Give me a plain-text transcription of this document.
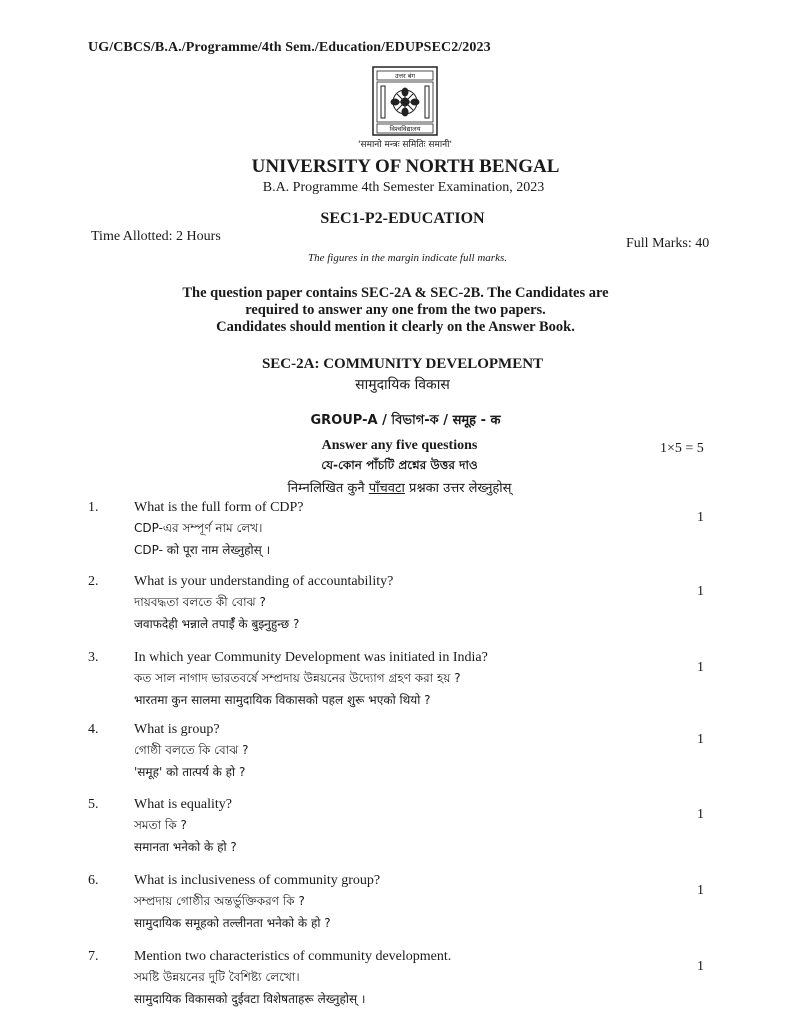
UG/CBCS/B.A./Programme/4th Sem./Education/EDUPSEC2/2023
उत्तर बंग
विश्वविद्यालय
'समानो मन्त्रः समितिः समानी'
UNIVERSITY OF NORTH BENGAL
B.A. Programme 4th Semester Examination, 2023
SEC1-P2-EDUCATION
Time Allotted: 2 Hours	Full Marks: 40
The figures in the margin indicate full marks.
The question paper contains SEC-2A & SEC-2B. The Candidates are
required to answer any one from the two papers.
Candidates should mention it clearly on the Answer Book.
SEC-2A: COMMUNITY DEVELOPMENT
सामुदायिक विकास
GROUP-A / বিভাগ-ক / समूह - क
Answer any five questions
যে-কোন পাঁচটি প্রশ্নের উত্তর দাও
निम्नलिखित कुनै पाँचवटा प्रश्नका उत्तर लेख्नुहोस्
1×5 = 5
1.	What is the full form of CDP?
CDP-এর সম্পূর্ণ নাম লেখ।
CDP- को पूरा नाम लेख्नुहोस् ।
1
2.	What is your understanding of accountability?
দায়বদ্ধতা বলতে কী বোঝ ?
जवाफदेही भन्नाले तपाईँ के बुझ्नुहुन्छ ?
1
3.	In which year Community Development was initiated in India?
কত সাল নাগাদ ভারতবর্ষে সম্প্রদায় উন্নয়নের উদ্যোগ গ্রহণ করা হয় ?
भारतमा कुन सालमा सामुदायिक विकासको पहल शुरू भएको थियो ?
1
4.	What is group?
গোষ্ঠী বলতে কি বোঝ ?
'समूह' को तात्पर्य के हो ?
1
5.	What is equality?
সমতা কি ?
समानता भनेको के हो ?
1
6.	What is inclusiveness of community group?
সম্প্রদায় গোষ্ঠীর অন্তর্ভুক্তিকরণ কি ?
सामुदायिक समूहको तल्लीनता भनेको के हो ?
1
7.	Mention two characteristics of community development.
সমষ্টি উন্নয়নের দুটি বৈশিষ্ট্য লেখো।
सामुदायिक विकासको दुईवटा विशेषताहरू लेख्नुहोस् ।
1
